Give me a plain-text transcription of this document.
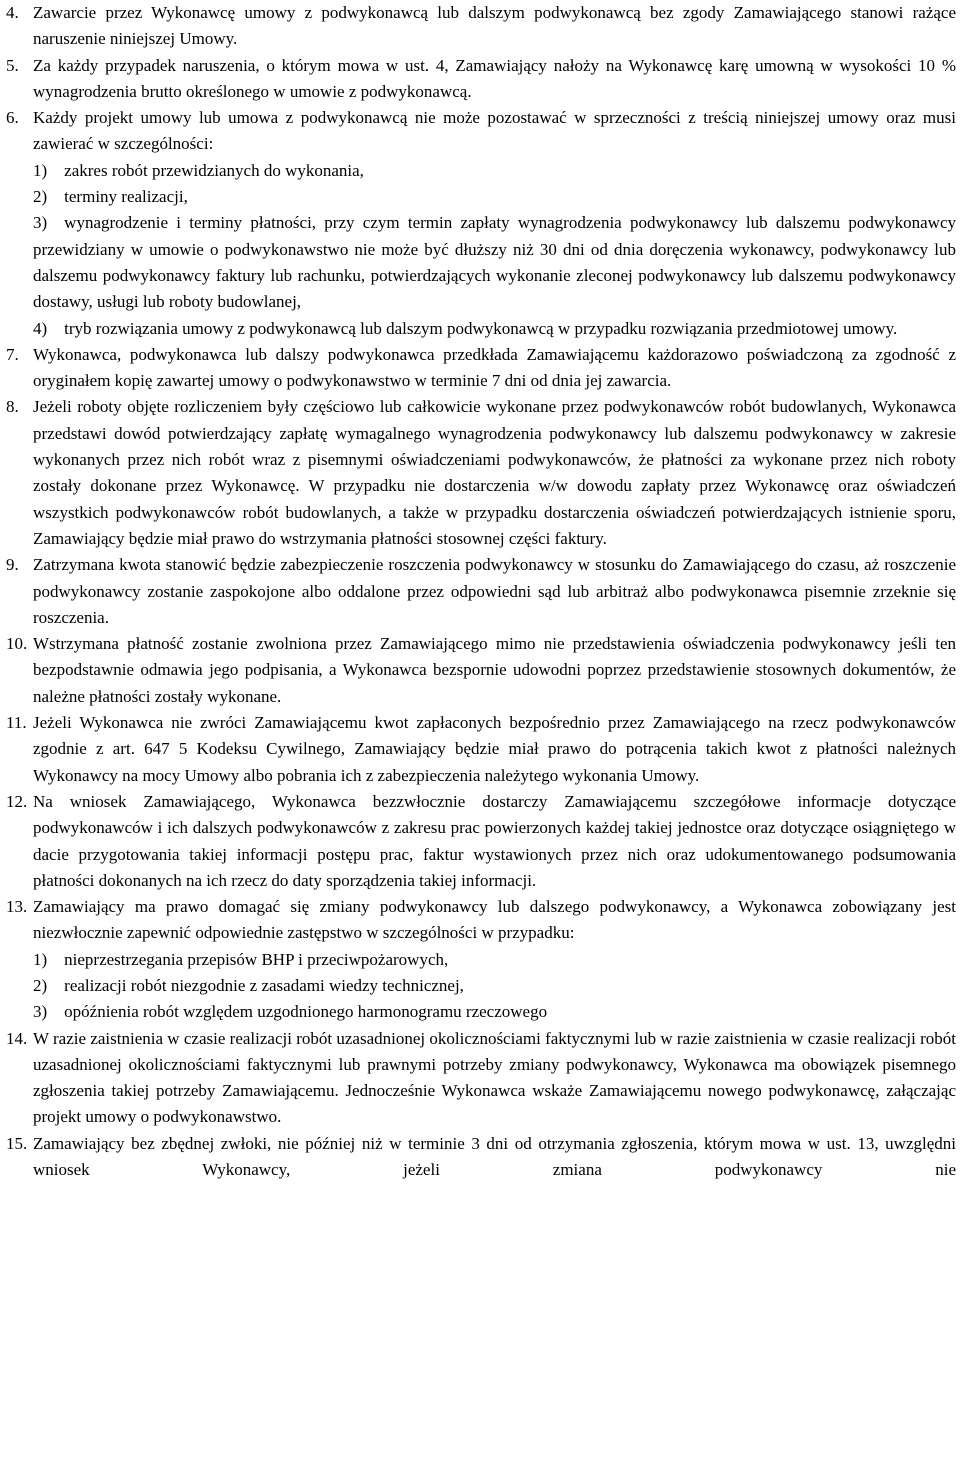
4. Zawarcie przez Wykonawcę umowy z podwykonawcą lub dalszym podwykonawcą bez zgody Zamawiającego stanowi rażące naruszenie niniejszej Umowy.

5. Za każdy przypadek naruszenia, o którym mowa w ust. 4, Zamawiający nałoży na Wykonawcę karę umowną w wysokości 10 % wynagrodzenia brutto określonego w umowie z podwykonawcą.

6. Każdy projekt umowy lub umowa z podwykonawcą nie może pozostawać w sprzeczności z treścią niniejszej umowy oraz musi zawierać w szczególności:

1) zakres robót przewidzianych do wykonania,

2) terminy realizacji,

3) wynagrodzenie i terminy płatności, przy czym termin zapłaty wynagrodzenia podwykonawcy lub dalszemu podwykonawcy przewidziany w umowie o podwykonawstwo nie może być dłuższy niż 30 dni od dnia doręczenia wykonawcy, podwykonawcy lub dalszemu podwykonawcy faktury lub rachunku, potwierdzających wykonanie zleconej podwykonawcy lub dalszemu podwykonawcy dostawy, usługi lub roboty budowlanej,

4) tryb rozwiązania umowy z podwykonawcą lub dalszym podwykonawcą w przypadku rozwiązania przedmiotowej umowy.

7. Wykonawca, podwykonawca lub dalszy podwykonawca przedkłada Zamawiającemu każdorazowo poświadczoną za zgodność z oryginałem kopię zawartej umowy o podwykonawstwo w terminie 7 dni od dnia jej zawarcia.

8. Jeżeli roboty objęte rozliczeniem były częściowo lub całkowicie wykonane przez podwykonawców robót budowlanych, Wykonawca przedstawi dowód potwierdzający zapłatę wymagalnego wynagrodzenia podwykonawcy lub dalszemu podwykonawcy w zakresie wykonanych przez nich robót wraz z pisemnymi oświadczeniami podwykonawców, że płatności za wykonane przez nich roboty zostały dokonane przez Wykonawcę. W przypadku nie dostarczenia w/w dowodu zapłaty przez Wykonawcę oraz oświadczeń wszystkich podwykonawców robót budowlanych, a także w przypadku dostarczenia oświadczeń potwierdzających istnienie sporu, Zamawiający będzie miał prawo do wstrzymania płatności stosownej części faktury.

9. Zatrzymana kwota stanowić będzie zabezpieczenie roszczenia podwykonawcy w stosunku do Zamawiającego do czasu, aż roszczenie podwykonawcy zostanie zaspokojone albo oddalone przez odpowiedni sąd lub arbitraż albo podwykonawca pisemnie zrzeknie się roszczenia.

10. Wstrzymana płatność zostanie zwolniona przez Zamawiającego mimo nie przedstawienia oświadczenia podwykonawcy jeśli ten bezpodstawnie odmawia jego podpisania, a Wykonawca bezspornie udowodni poprzez przedstawienie stosownych dokumentów, że należne płatności zostały wykonane.

11. Jeżeli Wykonawca nie zwróci Zamawiającemu kwot zapłaconych bezpośrednio przez Zamawiającego na rzecz podwykonawców zgodnie z art. 647 5 Kodeksu Cywilnego, Zamawiający będzie miał prawo do potrącenia takich kwot z płatności należnych Wykonawcy na mocy Umowy albo pobrania ich z zabezpieczenia należytego wykonania Umowy.

12. Na wniosek Zamawiającego, Wykonawca bezzwłocznie dostarczy Zamawiającemu szczegółowe informacje dotyczące podwykonawców i ich dalszych podwykonawców z zakresu prac powierzonych każdej takiej jednostce oraz dotyczące osiągniętego w dacie przygotowania takiej informacji postępu prac, faktur wystawionych przez nich oraz udokumentowanego podsumowania płatności dokonanych na ich rzecz do daty sporządzenia takiej informacji.

13. Zamawiający ma prawo domagać się zmiany podwykonawcy lub dalszego podwykonawcy, a Wykonawca zobowiązany jest niezwłocznie zapewnić odpowiednie zastępstwo w szczególności w przypadku:

1) nieprzestrzegania przepisów BHP i przeciwpożarowych,

2) realizacji robót niezgodnie z zasadami wiedzy technicznej,

3) opóźnienia robót względem uzgodnionego harmonogramu rzeczowego

14. W razie zaistnienia w czasie realizacji robót uzasadnionej okolicznościami faktycznymi lub w razie zaistnienia w czasie realizacji robót uzasadnionej okolicznościami faktycznymi lub prawnymi potrzeby zmiany podwykonawcy, Wykonawca ma obowiązek pisemnego zgłoszenia takiej potrzeby Zamawiającemu. Jednocześnie Wykonawca wskaże Zamawiającemu nowego podwykonawcę, załączając projekt umowy o podwykonawstwo.

15. Zamawiający bez zbędnej zwłoki, nie później niż w terminie 3 dni od otrzymania zgłoszenia, którym mowa w ust. 13, uwzględni wniosek Wykonawcy, jeżeli zmiana podwykonawcy nie
